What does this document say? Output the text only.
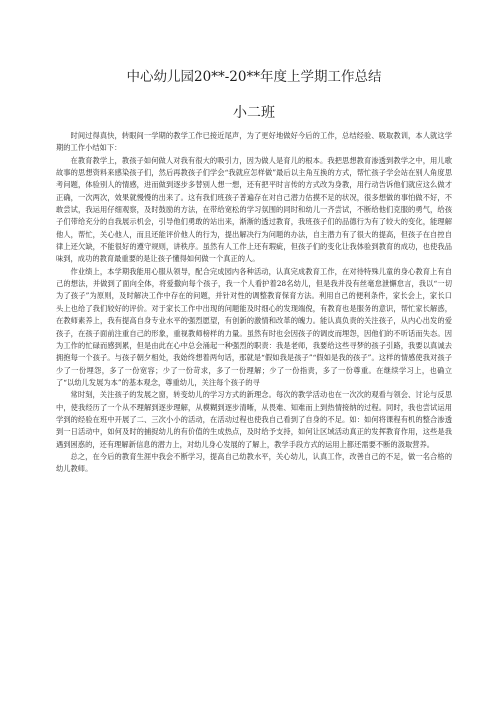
中心幼儿园20**-20**年度上学期工作总结
小二班

时间过得真快，转眼间一学期的教学工作已接近尾声，为了更好地做好今后的工作，总结经验、吸取教训，本人就这学期的工作小结如下：

在教育教学上，教孩子如何做人对我有很大的吸引力，因为做人是育儿的根本。我把思想教育渗透到教学之中，用儿歌故事的思想资料来感染孩子们，然后再教孩子们学会“我就应怎样做”最后以主角互换的方式，帮忙孩子学会站在别人角度思考问题，体验别人的情感，进而做到逐步多替别人想一想，还有把平时言传的方式改为身教，用行动告诉他们就应这么做才正确，一次两次，效果就慢慢的出来了。这有我们班孩子普遍存在对自己潜力估摸不足的状况，很多想做的事怕做不好，不敢尝试，我运用仔细观察，及时鼓励的方法，在带给宽松的学习氛围的同时和幼儿一齐尝试，不断给他们克服的勇气，给孩子们带给充分的自我展示机会，引导他们勇敢的站出来，渐渐的透过教育，我班孩子们的品德行为有了较大的变化，能理解他人，帮忙，关心他人，而且还能评价他人的行为，提出解决行为问题的办法，自主潜力有了很大的提高，但孩子在自控自律上还欠缺，不能很好的遵守规则，讲秩序。虽然有人工作上还有瑕疵，但孩子们的变化让我体验到教育的成功，也使我品味到，成功的教育最重要的是让孩子懂得如何做一个真正的人。

作业绩上，本学期我能用心服从领导，配合完成园内各种活动，认真完成教育工作，在对待特殊儿童的身心教育上有自己的想法，并做到了面向全体，将爱撒向每个孩子，我一个人看护着28名幼儿，但是我并没有丝毫怠泄懈怠言，我以“一切为了孩子”为原则，及时解决工作中存在的问题，并针对性的调整教育保育方法。利用自己的便利条件，家长会上，家长口头上也给了我们较好的评价。对于家长工作中出现的问题能及时细心的发现端倪，有教育也是服务的意识，帮忙家长解惑，在教师素养上，我有提高自身专业水平的强烈愿望，有创新的激情和改革的魄力。能认真负责的关注孩子，从内心出发的爱孩子，在孩子面前注重自己的形象，重视教师榜样的力量。虽然有时也会因孩子的调皮而埋怨，因他们的不听话而失态。因为工作的忙碌而感到累，但是由此在心中总会涌起一种强烈的职责：我是老师，我要给这些寻梦的孩子引路，我要以真诚去拥抱每一个孩子。与孩子朝夕相处，我始终想着两句话，那就是“假如我是孩子”“假如是我的孩子”。这样的情感使我对孩子少了一份埋怨，多了一份宽容；少了一份苛求，多了一份理解；少了一份指责，多了一份尊重。在继续学习上，也确立了“以幼儿发展为本”的基本观念，尊重幼儿，关注每个孩子的寻

常时刻，关注孩子的发展之窗，转变幼儿的学习方式的新理念。每次的教学活动也在一次次的观看与领会、讨论与反思中，使我经历了一个从不理解到逐步理解，从模糊到逐步清晰，从畏难、知难而上到热情接纳的过程。同时，我也尝试运用学到的经验在班中开展了二、三次小小的活动，在活动过程也使我自己看到了自身的不足。如：如何将课程有机的整合渗透到一日活动中，如何及时的捕捉幼儿的有价值的生成热点，及时给予支持，如何让区域活动真正的发挥教育作用，这些是我遇到困惑的，还有理解新信息的潜力上，对幼儿身心发展的了解上，教学手段方式的运用上都还需要不断的汲取营养。

总之，在今后的教育生涯中我会不断学习，提高自己幼教水平，关心幼儿，认真工作，改善自己的不足，做一名合格的幼儿教师。
